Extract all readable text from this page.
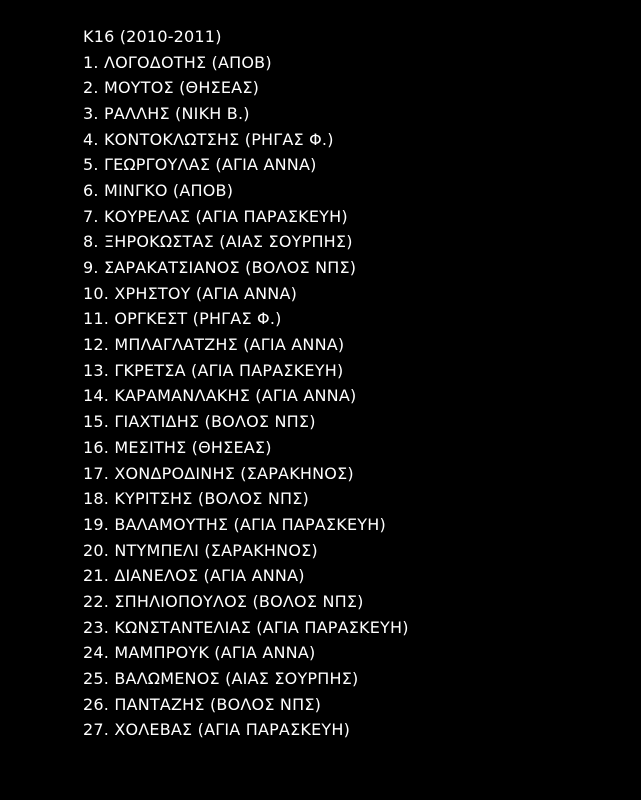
K16 (2010-2011)
1. ΛΟΓΟΔΟΤΗΣ (ΑΠΟΒ)
2. ΜΟΥΤΟΣ (ΘΗΣΕΑΣ)
3. ΡΑΛΛΗΣ (ΝΙΚΗ Β.)
4. ΚΟΝΤΟΚΛΩΤΣΗΣ (ΡΗΓΑΣ Φ.)
5. ΓΕΩΡΓΟΥΛΑΣ (ΑΓΙΑ ΑΝΝΑ)
6. ΜΙΝΓΚΟ (ΑΠΟΒ)
7. ΚΟΥΡΕΛΑΣ (ΑΓΙΑ ΠΑΡΑΣΚΕΥΗ)
8. ΞΗΡΟΚΩΣΤΑΣ (ΑΙΑΣ ΣΟΥΡΠΗΣ)
9. ΣΑΡΑΚΑΤΣΙΑΝΟΣ (ΒΟΛΟΣ ΝΠΣ)
10. ΧΡΗΣΤΟΥ (ΑΓΙΑ ΑΝΝΑ)
11. ΟΡΓΚΕΣΤ (ΡΗΓΑΣ Φ.)
12. ΜΠΛΑΓΛΑΤΖΗΣ (ΑΓΙΑ ΑΝΝΑ)
13. ΓΚΡΕΤΣΑ (ΑΓΙΑ ΠΑΡΑΣΚΕΥΗ)
14. ΚΑΡΑΜΑΝΛΑΚΗΣ (ΑΓΙΑ ΑΝΝΑ)
15. ΓΙΑΧΤΙΔΗΣ (ΒΟΛΟΣ ΝΠΣ)
16. ΜΕΣΙΤΗΣ (ΘΗΣΕΑΣ)
17. ΧΟΝΔΡΟΔΙΝΗΣ (ΣΑΡΑΚΗΝΟΣ)
18. ΚΥΡΙΤΣΗΣ (ΒΟΛΟΣ ΝΠΣ)
19. ΒΑΛΑΜΟΥΤΗΣ (ΑΓΙΑ ΠΑΡΑΣΚΕΥΗ)
20. ΝΤΥΜΠΕΛΙ (ΣΑΡΑΚΗΝΟΣ)
21. ΔΙΑΝΕΛΟΣ (ΑΓΙΑ ΑΝΝΑ)
22. ΣΠΗΛΙΟΠΟΥΛΟΣ (ΒΟΛΟΣ ΝΠΣ)
23. ΚΩΝΣΤΑΝΤΕΛΙΑΣ (ΑΓΙΑ ΠΑΡΑΣΚΕΥΗ)
24. ΜΑΜΠΡΟΥΚ (ΑΓΙΑ ΑΝΝΑ)
25. ΒΑΛΩΜΕΝΟΣ (ΑΙΑΣ ΣΟΥΡΠΗΣ)
26. ΠΑΝΤΑΖΗΣ (ΒΟΛΟΣ ΝΠΣ)
27. ΧΟΛΕΒΑΣ (ΑΓΙΑ ΠΑΡΑΣΚΕΥΗ)
